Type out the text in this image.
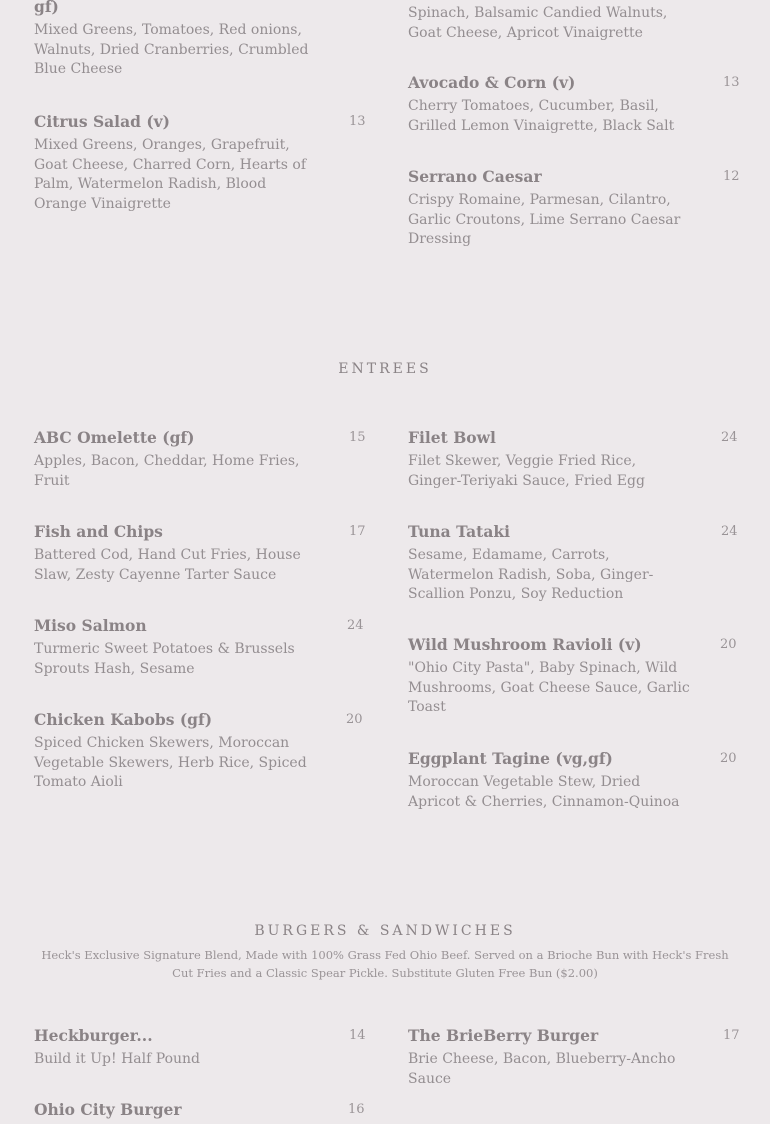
gf)
Mixed Greens, Tomatoes, Red onions, Walnuts, Dried Cranberries, Crumbled Blue Cheese
Spinach, Balsamic Candied Walnuts, Goat Cheese, Apricot Vinaigrette
Citrus Salad (v)
Mixed Greens, Oranges, Grapefruit, Goat Cheese, Charred Corn, Hearts of Palm, Watermelon Radish, Blood Orange Vinaigrette
13
Avocado & Corn (v)
Cherry Tomatoes, Cucumber, Basil, Grilled Lemon Vinaigrette, Black Salt
13
Serrano Caesar
Crispy Romaine, Parmesan, Cilantro, Garlic Croutons, Lime Serrano Caesar Dressing
12
ENTREES
ABC Omelette (gf)
Apples, Bacon, Cheddar, Home Fries, Fruit
15
Fish and Chips
Battered Cod, Hand Cut Fries, House Slaw, Zesty Cayenne Tarter Sauce
17
Miso Salmon
Turmeric Sweet Potatoes & Brussels Sprouts Hash, Sesame
24
Chicken Kabobs (gf)
Spiced Chicken Skewers, Moroccan Vegetable Skewers, Herb Rice, Spiced Tomato Aioli
20
Filet Bowl
Filet Skewer, Veggie Fried Rice, Ginger-Teriyaki Sauce, Fried Egg
24
Tuna Tataki
Sesame, Edamame, Carrots, Watermelon Radish, Soba, Ginger-Scallion Ponzu, Soy Reduction
24
Wild Mushroom Ravioli (v)
"Ohio City Pasta", Baby Spinach, Wild Mushrooms, Goat Cheese Sauce, Garlic Toast
20
Eggplant Tagine (vg,gf)
Moroccan Vegetable Stew, Dried Apricot & Cherries, Cinnamon-Quinoa
20
BURGERS & SANDWICHES
Heck's Exclusive Signature Blend, Made with 100% Grass Fed Ohio Beef. Served on a Brioche Bun with Heck's Fresh Cut Fries and a Classic Spear Pickle. Substitute Gluten Free Bun ($2.00)
Heckburger...
Build it Up! Half Pound
14	The BrieBerry Burger
Brie Cheese, Bacon, Blueberry-Ancho Sauce
17
Ohio City Burger	16
